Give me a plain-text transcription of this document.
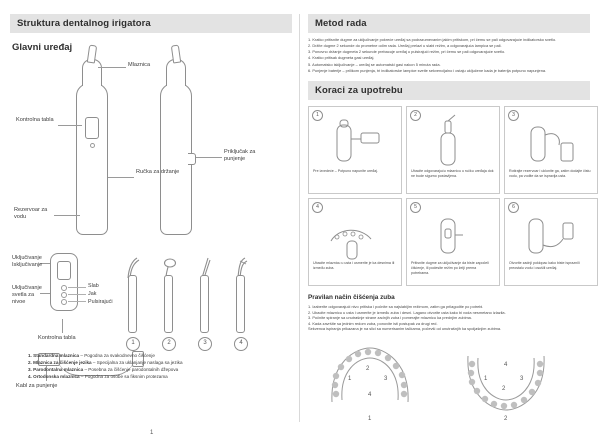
Struktura dentalnog irigatora
Glavni uređaj
Mlaznica
Kontrolna tabla
Ručka za držanje
Priključak za punjenje
Rezervoar za vodu
Uključivanje Isključivanje
Uključivanje svetla za nivoe
Kontrolna tabla
Kabl za punjenje
Slab
Jak
Pulsirajući
1	2	3	4
1. Standardna mlaznica – Pogodna za svakodnevno čišćenje
2. Mlaznica za čišćenje jezika – Specijalna za uklanjanje naslaga sa jezika
3. Parodontalna mlaznica – Posebna za čišćenje parodontalnih džepova
4. Ortodonska mlaznica – Pogodna za osobe sa fiksnim protezama
1
Metod rada
1. Kratko pritisnite dugme za uključivanje pokreće uređaj sa podrazumevanim jakim pritiskom, pri čemu se pali odgovarajuće indikatorsko svetlo.
2. Držite dugme 2 sekunde do prometne odim rada. Uređaj prelazi u slabi režim, a odgovarajuća lampica se pali.
3. Ponovno držanje dugmeta 2 sekunde prebacuje uređaj u pulsirajući režim, pri čemu se pali odgovarajuće svetlo.
4. Kratko pritisak dugmeta gasi uređaj.
5. Automatsko isključivanje – uređaj se automatski gasi nakon 5 minuta rada.
6. Punjenje baterije – prilikom punjenja, tri indikatorske lampice svetle sekvencijalno i ostaju uključene kada je baterija potpuno napunjena.
Koraci za upotrebu
1
Pre izvedeće – Potpuno napunite uređaj.
2
Ubacite odgovarajuću mlaznicu u ručku uređaja dok ne bude sigurno postavljena.
3
Rotirajte rezervoar i uklonite ga, zatim dodajte čistu vodu, pa vodite da se ispravlja usta.
4
Ubacite mlaznicu u usta i usmerite je ka desnima ili između zuba.
5
Pritisnite dugme za uključivanje da biste započeli čišćenje, ili podesite režim po želji prema potrebama.
6
Otvorite zadnji poklopac kako biste ispraznili preostalu vodu i osušili uređaj.
Pravilan način čišćenja zuba
1. Izaberite odgovarajući nivo pritiska i počnite sa najslabijim režimom, zatim ga prilagodite po potrebi.
2. Ubacite mlaznicu u usta i usmerite je između zuba i desni. Lagano otvorite usta kako bi voda nesmetano izlazila.
3. Počnite spiranje sa unutrašnje strane zadnjih zuba i pomerajte mlaznicu ka prednjim zubima.
4. Kada završite sa jednim redom zuba, ponovite isti postupak za drugi red.
Sekvenca ispiranja prikazana je na slici sa numerisanim tačkama, počevši od unutrašnjih ka spoljašnjim zubima.
1
2
3
4
1
1
2
3
4
2
